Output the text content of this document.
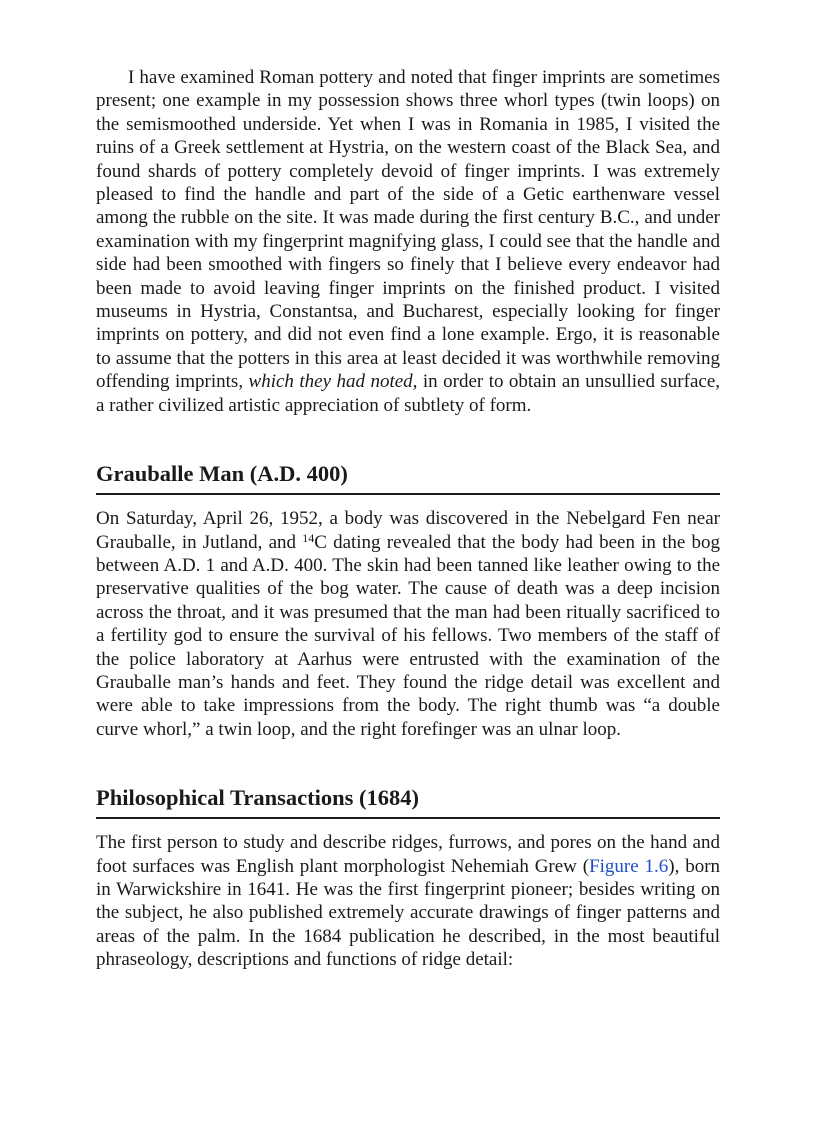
I have examined Roman pottery and noted that finger imprints are sometimes present; one example in my possession shows three whorl types (twin loops) on the semismoothed underside. Yet when I was in Romania in 1985, I visited the ruins of a Greek settlement at Hystria, on the western coast of the Black Sea, and found shards of pottery completely devoid of finger imprints. I was extremely pleased to find the handle and part of the side of a Getic earthenware vessel among the rubble on the site. It was made during the first century B.C., and under examination with my fingerprint magnifying glass, I could see that the handle and side had been smoothed with fingers so finely that I believe every endeavor had been made to avoid leaving finger imprints on the finished product. I visited museums in Hystria, Constantsa, and Bucharest, especially looking for finger imprints on pottery, and did not even find a lone example. Ergo, it is reasonable to assume that the potters in this area at least decided it was worthwhile removing offending imprints, which they had noted, in order to obtain an unsullied surface, a rather civilized artistic appreciation of subtlety of form.

Grauballe Man (A.D. 400)

On Saturday, April 26, 1952, a body was discovered in the Nebelgard Fen near Grauballe, in Jutland, and $^{14}$C dating revealed that the body had been in the bog between A.D. 1 and A.D. 400. The skin had been tanned like leather owing to the preservative qualities of the bog water. The cause of death was a deep incision across the throat, and it was presumed that the man had been ritually sacrificed to a fertility god to ensure the survival of his fellows. Two members of the staff of the police laboratory at Aarhus were entrusted with the examination of the Grauballe man’s hands and feet. They found the ridge detail was excellent and were able to take impressions from the body. The right thumb was “a double curve whorl,” a twin loop, and the right forefinger was an ulnar loop.

Philosophical Transactions (1684)

The first person to study and describe ridges, furrows, and pores on the hand and foot surfaces was English plant morphologist Nehemiah Grew (Figure 1.6), born in Warwickshire in 1641. He was the first fingerprint pioneer; besides writing on the subject, he also published extremely accurate drawings of finger patterns and areas of the palm. In the 1684 publication he described, in the most beautiful phraseology, descriptions and functions of ridge detail:
